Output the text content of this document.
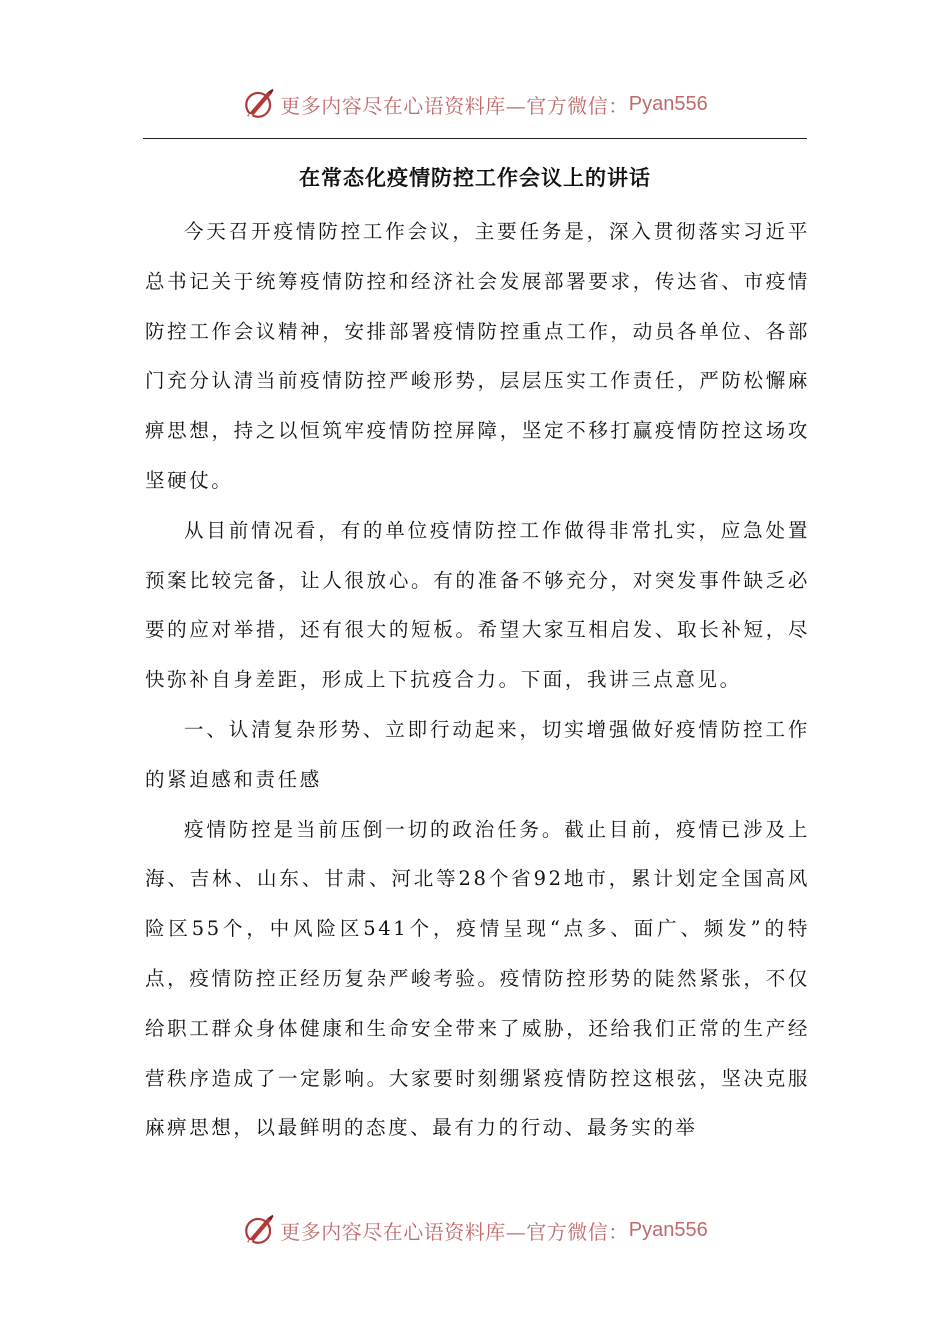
更多内容尽在心语资料库—官方微信： Pyan556
在常态化疫情防控工作会议上的讲话

今天召开疫情防控工作会议，主要任务是，深入贯彻落实习近平总书记关于统筹疫情防控和经济社会发展部署要求，传达省、市疫情防控工作会议精神，安排部署疫情防控重点工作，动员各单位、各部门充分认清当前疫情防控严峻形势，层层压实工作责任，严防松懈麻痹思想，持之以恒筑牢疫情防控屏障，坚定不移打赢疫情防控这场攻坚硬仗。

从目前情况看，有的单位疫情防控工作做得非常扎实，应急处置预案比较完备，让人很放心。有的准备不够充分，对突发事件缺乏必要的应对举措，还有很大的短板。希望大家互相启发、取长补短，尽快弥补自身差距，形成上下抗疫合力。下面，我讲三点意见。

一、认清复杂形势、立即行动起来，切实增强做好疫情防控工作的紧迫感和责任感

疫情防控是当前压倒一切的政治任务。截止目前，疫情已涉及上海、吉林、山东、甘肃、河北等28个省92地市，累计划定全国高风险区55个，中风险区541个，疫情呈现“点多、面广、频发”的特点，疫情防控正经历复杂严峻考验。疫情防控形势的陡然紧张，不仅给职工群众身体健康和生命安全带来了威胁，还给我们正常的生产经营秩序造成了一定影响。大家要时刻绷紧疫情防控这根弦，坚决克服麻痹思想，以最鲜明的态度、最有力的行动、最务实的举

更多内容尽在心语资料库—官方微信： Pyan556
